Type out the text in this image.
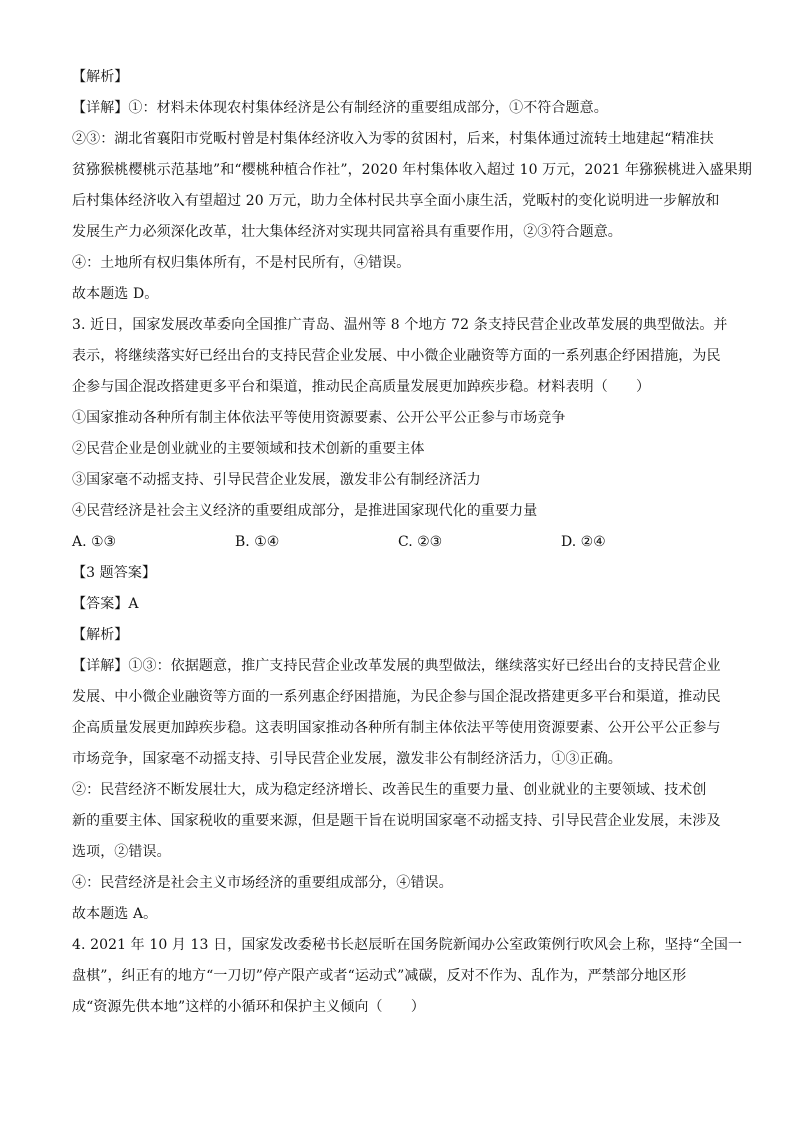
【解析】
【详解】①：材料未体现农村集体经济是公有制经济的重要组成部分，①不符合题意。
②③：湖北省襄阳市党畈村曾是村集体经济收入为零的贫困村，后来，村集体通过流转土地建起“精准扶
贫猕猴桃樱桃示范基地”和“樱桃种植合作社”，2020 年村集体收入超过 10 万元，2021 年猕猴桃进入盛果期
后村集体经济收入有望超过 20 万元，助力全体村民共享全面小康生活，党畈村的变化说明进一步解放和
发展生产力必须深化改革，壮大集体经济对实现共同富裕具有重要作用，②③符合题意。
④：土地所有权归集体所有，不是村民所有，④错误。
故本题选 D。
3. 近日，国家发展改革委向全国推广青岛、温州等 8 个地方 72 条支持民营企业改革发展的典型做法。并
表示，将继续落实好已经出台的支持民营企业发展、中小微企业融资等方面的一系列惠企纾困措施，为民
企参与国企混改搭建更多平台和渠道，推动民企高质量发展更加踔疾步稳。材料表明（　　）
①国家推动各种所有制主体依法平等使用资源要素、公开公平公正参与市场竞争
②民营企业是创业就业的主要领域和技术创新的重要主体
③国家毫不动摇支持、引导民营企业发展，激发非公有制经济活力
④民营经济是社会主义经济的重要组成部分，是推进国家现代化的重要力量
A. ①③	B. ①④	C. ②③	D. ②④
【3 题答案】
【答案】A
【解析】
【详解】①③：依据题意，推广支持民营企业改革发展的典型做法，继续落实好已经出台的支持民营企业
发展、中小微企业融资等方面的一系列惠企纾困措施，为民企参与国企混改搭建更多平台和渠道，推动民
企高质量发展更加踔疾步稳。这表明国家推动各种所有制主体依法平等使用资源要素、公开公平公正参与
市场竞争，国家毫不动摇支持、引导民营企业发展，激发非公有制经济活力，①③正确。
②：民营经济不断发展壮大，成为稳定经济增长、改善民生的重要力量、创业就业的主要领域、技术创
新的重要主体、国家税收的重要来源，但是题干旨在说明国家毫不动摇支持、引导民营企业发展，未涉及
选项，②错误。
④：民营经济是社会主义市场经济的重要组成部分，④错误。
故本题选 A。
4. 2021 年 10 月 13 日，国家发改委秘书长赵辰昕在国务院新闻办公室政策例行吹风会上称，坚持“全国一
盘棋”，纠正有的地方“一刀切”停产限产或者“运动式”减碳，反对不作为、乱作为，严禁部分地区形
成“资源先供本地”这样的小循环和保护主义倾向（　　）
